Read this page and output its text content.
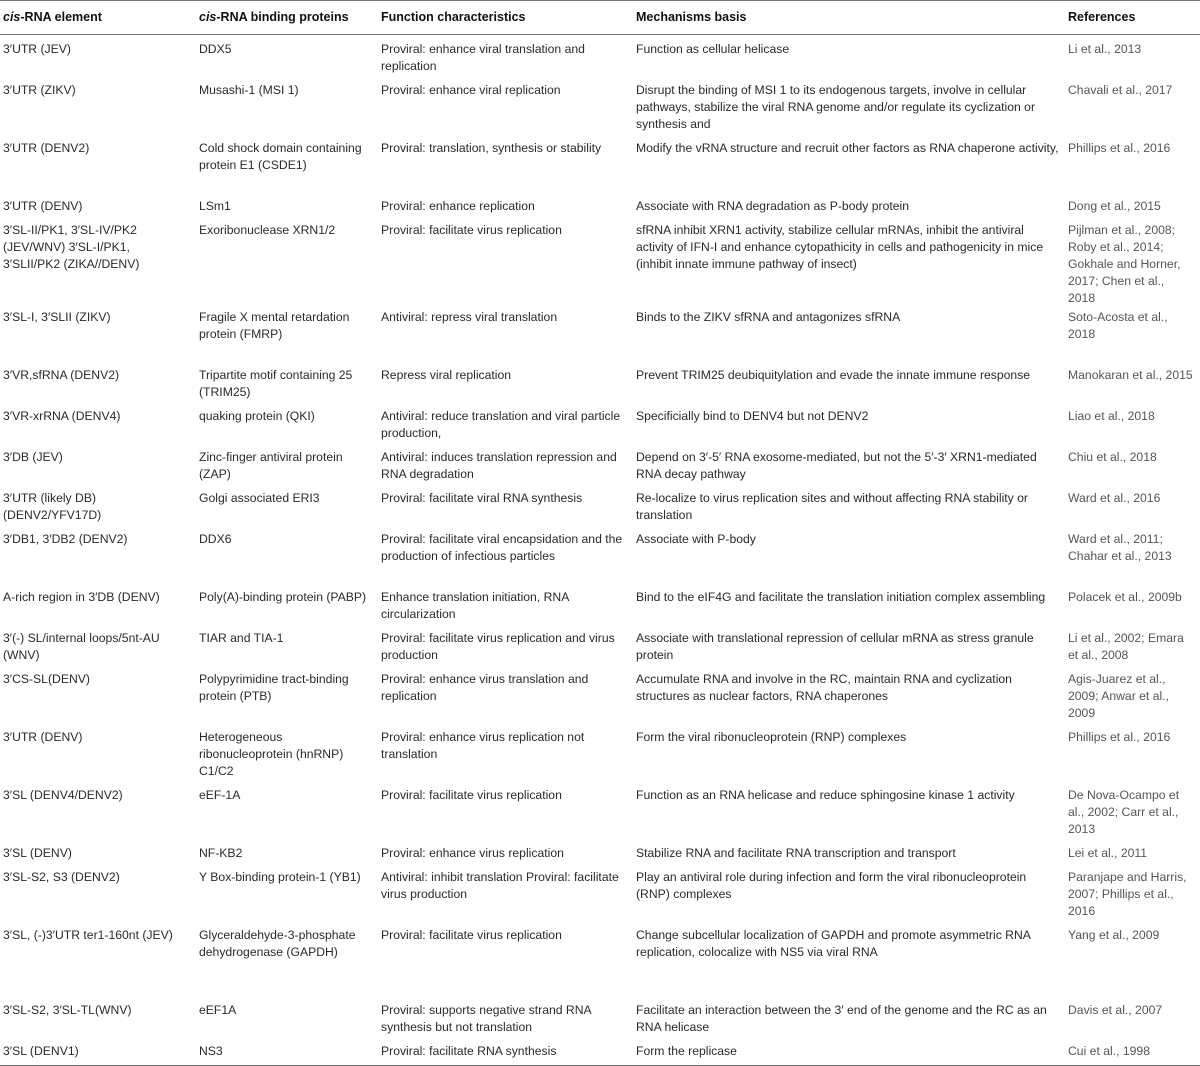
cis-RNA element	cis-RNA binding proteins	Function characteristics	Mechanisms basis	References
3′UTR (JEV)	DDX5	Proviral: enhance viral translation and replication	Function as cellular helicase	Li et al., 2013
3′UTR (ZIKV)	Musashi-1 (MSI 1)	Proviral: enhance viral replication	Disrupt the binding of MSI 1 to its endogenous targets, involve in cellular pathways, stabilize the viral RNA genome and/or regulate its cyclization or synthesis and	Chavali et al., 2017
3′UTR (DENV2)	Cold shock domain containing protein E1 (CSDE1)	Proviral: translation, synthesis or stability	Modify the vRNA structure and recruit other factors as RNA chaperone activity,	Phillips et al., 2016
3′UTR (DENV)	LSm1	Proviral: enhance replication	Associate with RNA degradation as P-body protein	Dong et al., 2015
3′SL-II/PK1, 3′SL-IV/PK2 (JEV/WNV) 3′SL-I/PK1, 3′SLII/PK2 (ZIKA//DENV)	Exoribonuclease XRN1/2	Proviral: facilitate virus replication	sfRNA inhibit XRN1 activity, stabilize cellular mRNAs, inhibit the antiviral activity of IFN-I and enhance cytopathicity in cells and pathogenicity in mice (inhibit innate immune pathway of insect)	Pijlman et al., 2008; Roby et al., 2014; Gokhale and Horner, 2017; Chen et al., 2018
3′SL-I, 3′SLII (ZIKV)	Fragile X mental retardation protein (FMRP)	Antiviral: repress viral translation	Binds to the ZIKV sfRNA and antagonizes sfRNA	Soto-Acosta et al., 2018
3′VR,sfRNA (DENV2)	Tripartite motif containing 25 (TRIM25)	Repress viral replication	Prevent TRIM25 deubiquitylation and evade the innate immune response	Manokaran et al., 2015
3′VR-xrRNA (DENV4)	quaking protein (QKI)	Antiviral: reduce translation and viral particle production,	Specificially bind to DENV4 but not DENV2	Liao et al., 2018
3′DB (JEV)	Zinc-finger antiviral protein (ZAP)	Antiviral: induces translation repression and RNA degradation	Depend on 3′-5′ RNA exosome-mediated, but not the 5′-3′ XRN1-mediated RNA decay pathway	Chiu et al., 2018
3′UTR (likely DB) (DENV2/YFV17D)	Golgi associated ERI3	Proviral: facilitate viral RNA synthesis	Re-localize to virus replication sites and without affecting RNA stability or translation	Ward et al., 2016
3′DB1, 3′DB2 (DENV2)	DDX6	Proviral: facilitate viral encapsidation and the production of infectious particles	Associate with P-body	Ward et al., 2011; Chahar et al., 2013
A-rich region in 3′DB (DENV)	Poly(A)-binding protein (PABP)	Enhance translation initiation, RNA circularization	Bind to the eIF4G and facilitate the translation initiation complex assembling	Polacek et al., 2009b
3′(-) SL/internal loops/5nt-AU (WNV)	TIAR and TIA-1	Proviral: facilitate virus replication and virus production	Associate with translational repression of cellular mRNA as stress granule protein	Li et al., 2002; Emara et al., 2008
3′CS-SL(DENV)	Polypyrimidine tract-binding protein (PTB)	Proviral: enhance virus translation and replication	Accumulate RNA and involve in the RC, maintain RNA and cyclization structures as nuclear factors, RNA chaperones	Agis-Juarez et al., 2009; Anwar et al., 2009
3′UTR (DENV)	Heterogeneous ribonucleoprotein (hnRNP) C1/C2	Proviral: enhance virus replication not translation	Form the viral ribonucleoprotein (RNP) complexes	Phillips et al., 2016
3′SL (DENV4/DENV2)	eEF-1A	Proviral: facilitate virus replication	Function as an RNA helicase and reduce sphingosine kinase 1 activity	De Nova-Ocampo et al., 2002; Carr et al., 2013
3′SL (DENV)	NF-KB2	Proviral: enhance virus replication	Stabilize RNA and facilitate RNA transcription and transport	Lei et al., 2011
3′SL-S2, S3 (DENV2)	Y Box-binding protein-1 (YB1)	Antiviral: inhibit translation Proviral: facilitate virus production	Play an antiviral role during infection and form the viral ribonucleoprotein (RNP) complexes	Paranjape and Harris, 2007; Phillips et al., 2016
3′SL, (-)3′UTR ter1-160nt (JEV)	Glyceraldehyde-3-phosphate dehydrogenase (GAPDH)	Proviral: facilitate virus replication	Change subcellular localization of GAPDH and promote asymmetric RNA replication, colocalize with NS5 via viral RNA	Yang et al., 2009
3′SL-S2, 3′SL-TL(WNV)	eEF1A	Proviral: supports negative strand RNA synthesis but not translation	Facilitate an interaction between the 3′ end of the genome and the RC as an RNA helicase	Davis et al., 2007
3′SL (DENV1)	NS3	Proviral: facilitate RNA synthesis	Form the replicase	Cui et al., 1998
